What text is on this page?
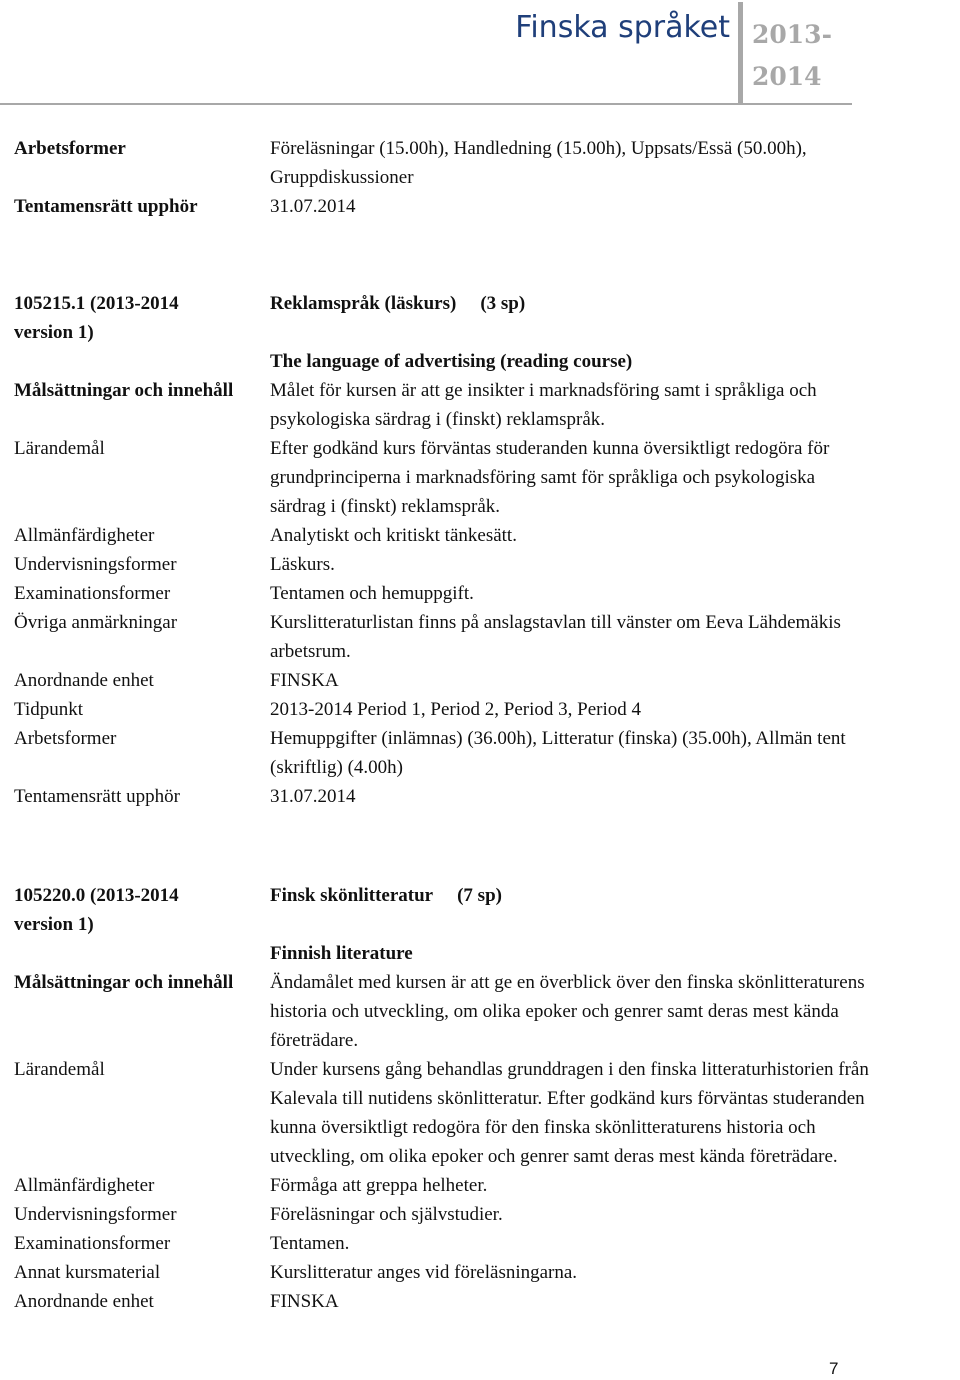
Finska språket 2013-
2014
Arbetsformer	Föreläsningar (15.00h), Handledning (15.00h), Uppsats/Essä (50.00h),
Gruppdiskussioner
Tentamensrätt upphör	31.07.2014
105215.1 (2013-2014
version 1)
Reklamspråk (läskurs) (3 sp)
The language of advertising (reading course)
Målsättningar och innehåll	Målet för kursen är att ge insikter i marknadsföring samt i språkliga och
psykologiska särdrag i (finskt) reklamspråk.
Lärandemål	Efter godkänd kurs förväntas studeranden kunna översiktligt redogöra för
grundprinciperna i marknadsföring samt för språkliga och psykologiska
särdrag i (finskt) reklamspråk.
Allmänfärdigheter	Analytiskt och kritiskt tänkesätt.
Undervisningsformer	Läskurs.
Examinationsformer	Tentamen och hemuppgift.
Övriga anmärkningar	Kurslitteraturlistan finns på anslagstavlan till vänster om Eeva Lähdemäkis
arbetsrum.
Anordnande enhet	FINSKA
Tidpunkt	2013-2014 Period 1, Period 2, Period 3, Period 4
Arbetsformer	Hemuppgifter (inlämnas) (36.00h), Litteratur (finska) (35.00h), Allmän tent
(skriftlig) (4.00h)
Tentamensrätt upphör	31.07.2014
105220.0 (2013-2014
version 1)
Finsk skönlitteratur (7 sp)
Finnish literature
Målsättningar och innehåll	Ändamålet med kursen är att ge en överblick över den finska skönlitteraturens
historia och utveckling, om olika epoker och genrer samt deras mest kända
företrädare.
Lärandemål	Under kursens gång behandlas grunddragen i den finska litteraturhistorien från
Kalevala till nutidens skönlitteratur. Efter godkänd kurs förväntas studeranden
kunna översiktligt redogöra för den finska skönlitteraturens historia och
utveckling, om olika epoker och genrer samt deras mest kända företrädare.
Allmänfärdigheter	Förmåga att greppa helheter.
Undervisningsformer	Föreläsningar och självstudier.
Examinationsformer	Tentamen.
Annat kursmaterial	Kurslitteratur anges vid föreläsningarna.
Anordnande enhet	FINSKA
7
